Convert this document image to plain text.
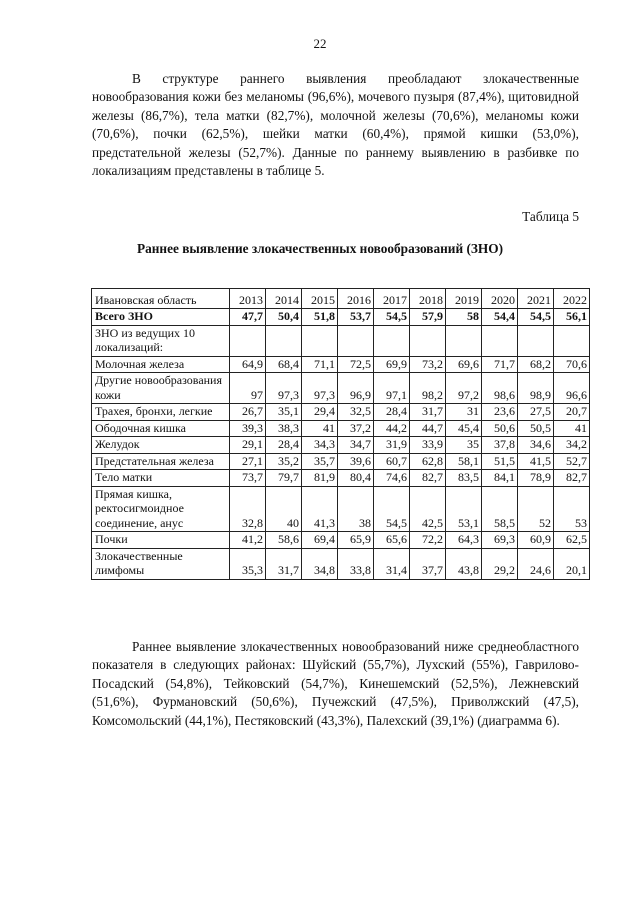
22

В структуре раннего выявления преобладают злокачественные новообразования кожи без меланомы (96,6%), мочевого пузыря (87,4%), щитовидной железы (86,7%), тела матки (82,7%), молочной железы (70,6%), меланомы кожи (70,6%), почки (62,5%), шейки матки (60,4%), прямой кишки (53,0%), предстательной железы (52,7%). Данные по раннему выявлению в разбивке по локализациям представлены в таблице 5.

Таблица 5
Раннее выявление злокачественных новообразований (ЗНО)
Ивановская область	2013	2014	2015	2016	2017	2018	2019	2020	2021	2022
Всего ЗНО	47,7	50,4	51,8	53,7	54,5	57,9	58	54,4	54,5	56,1
ЗНО из ведущих 10 локализаций:										
Молочная железа	64,9	68,4	71,1	72,5	69,9	73,2	69,6	71,7	68,2	70,6
Другие новообразования кожи	97	97,3	97,3	96,9	97,1	98,2	97,2	98,6	98,9	96,6
Трахея, бронхи, легкие	26,7	35,1	29,4	32,5	28,4	31,7	31	23,6	27,5	20,7
Ободочная кишка	39,3	38,3	41	37,2	44,2	44,7	45,4	50,6	50,5	41
Желудок	29,1	28,4	34,3	34,7	31,9	33,9	35	37,8	34,6	34,2
Предстательная железа	27,1	35,2	35,7	39,6	60,7	62,8	58,1	51,5	41,5	52,7
Тело матки	73,7	79,7	81,9	80,4	74,6	82,7	83,5	84,1	78,9	82,7
Прямая кишка, ректосигмоидное соединение, анус	32,8	40	41,3	38	54,5	42,5	53,1	58,5	52	53
Почки	41,2	58,6	69,4	65,9	65,6	72,2	64,3	69,3	60,9	62,5
Злокачественные лимфомы	35,3	31,7	34,8	33,8	31,4	37,7	43,8	29,2	24,6	20,1

Раннее выявление злокачественных новообразований ниже среднеобластного показателя в следующих районах: Шуйский (55,7%), Лухский (55%), Гаврилово-Посадский (54,8%), Тейковский (54,7%), Кинешемский (52,5%), Лежневский (51,6%), Фурмановский (50,6%), Пучежский (47,5%), Приволжский (47,5), Комсомольский (44,1%), Пестяковский (43,3%), Палехский (39,1%) (диаграмма 6).
